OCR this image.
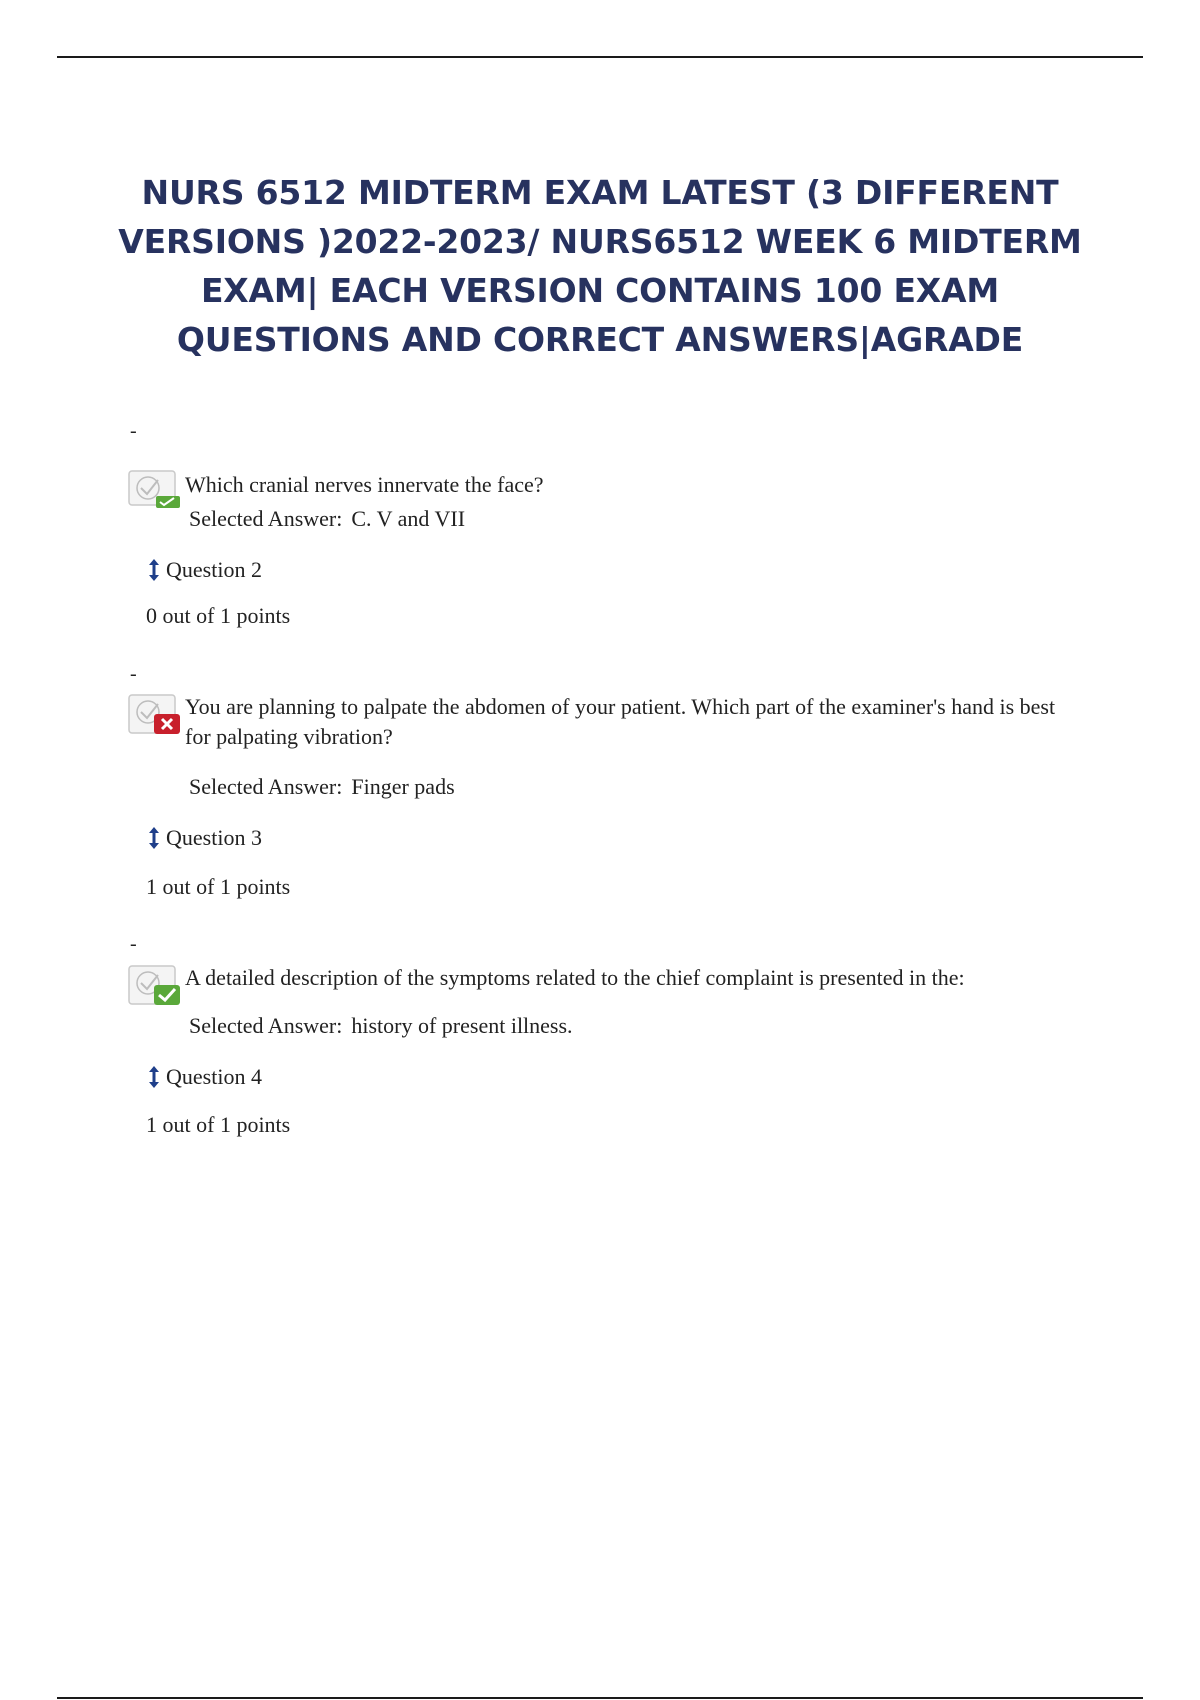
NURS 6512 MIDTERM EXAM LATEST (3 DIFFERENT VERSIONS )2022-2023/ NURS6512 WEEK 6 MIDTERM EXAM| EACH VERSION CONTAINS 100 EXAM QUESTIONS AND CORRECT ANSWERS|AGRADE
-
Which cranial nerves innervate the face?
Selected Answer: C. V and VII
Question 2
0 out of 1 points
-
You are planning to palpate the abdomen of your patient. Which part of the examiner's hand is best for palpating vibration?
Selected Answer: Finger pads
Question 3
1 out of 1 points
-
A detailed description of the symptoms related to the chief complaint is presented in the:
Selected Answer: history of present illness.
Question 4
1 out of 1 points
